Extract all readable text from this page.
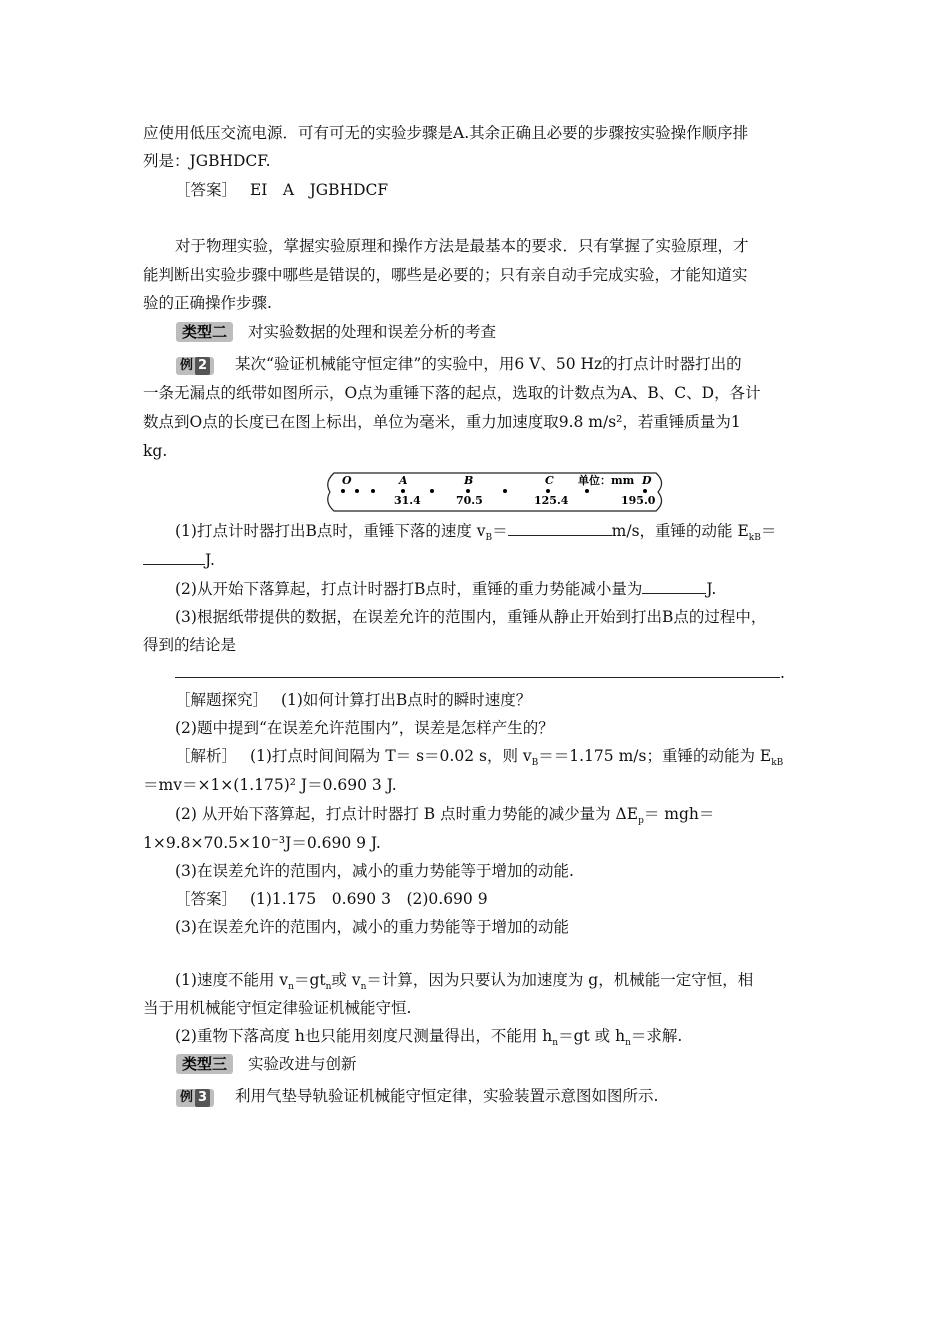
应使用低压交流电源．可有可无的实验步骤是A.其余正确且必要的步骤按实验操作顺序排
列是：JGBHDCF.
［答案］ EI　A　JGBHDCF
对于物理实验，掌握实验原理和操作方法是最基本的要求．只有掌握了实验原理，才
能判断出实验步骤中哪些是错误的，哪些是必要的；只有亲自动手完成实验，才能知道实
验的正确操作步骤.
类型二 对实验数据的处理和误差分析的考查
例 2 某次“验证机械能守恒定律”的实验中，用6 V、50 Hz的打点计时器打出的
一条无漏点的纸带如图所示，O点为重锤下落的起点，选取的计数点为A、B、C、D，各计
数点到O点的长度已在图上标出，单位为毫米，重力加速度取9.8 m/s²，若重锤质量为1
kg.
O	A	B	C 单位：mm D
31.4	70.5	125.4	195.0
(1)打点计时器打出B点时，重锤下落的速度 $v_B=$	m/s，重锤的动能 $E_{kB}=$
J.
(2)从开始下落算起，打点计时器打B点时，重锤的重力势能减小量为	J.
(3)根据纸带提供的数据，在误差允许的范围内，重锤从静止开始到打出B点的过程中，
得到的结论是
.
［解题探究］ (1)如何计算打出B点时的瞬时速度？
(2)题中提到“在误差允许范围内”，误差是怎样产生的？
［解析］ (1)打点时间间隔为 T＝ s＝0.02 s，则 $v_B==1.175$ m/s；重锤的动能为 $E_{kB}$
＝mv＝×1×(1.175)² J＝0.690 3 J.
(2) 从开始下落算起，打点计时器打 B 点时重力势能的减少量为 $\Delta E_p= mgh=$
1×9.8×70.5×10⁻³J＝0.690 9 J.
(3)在误差允许的范围内，减小的重力势能等于增加的动能.
［答案］ (1)1.175　0.690 3　(2)0.690 9
(3)在误差允许的范围内，减小的重力势能等于增加的动能
(1)速度不能用 $v_n=gt_n$或 $v_n=$计算，因为只要认为加速度为 g，机械能一定守恒，相
当于用机械能守恒定律验证机械能守恒.
(2)重物下落高度 h也只能用刻度尺测量得出，不能用 $h_n=gt$ 或 $h_n=$求解.
类型三 实验改进与创新
例 3 利用气垫导轨验证机械能守恒定律，实验装置示意图如图所示.
